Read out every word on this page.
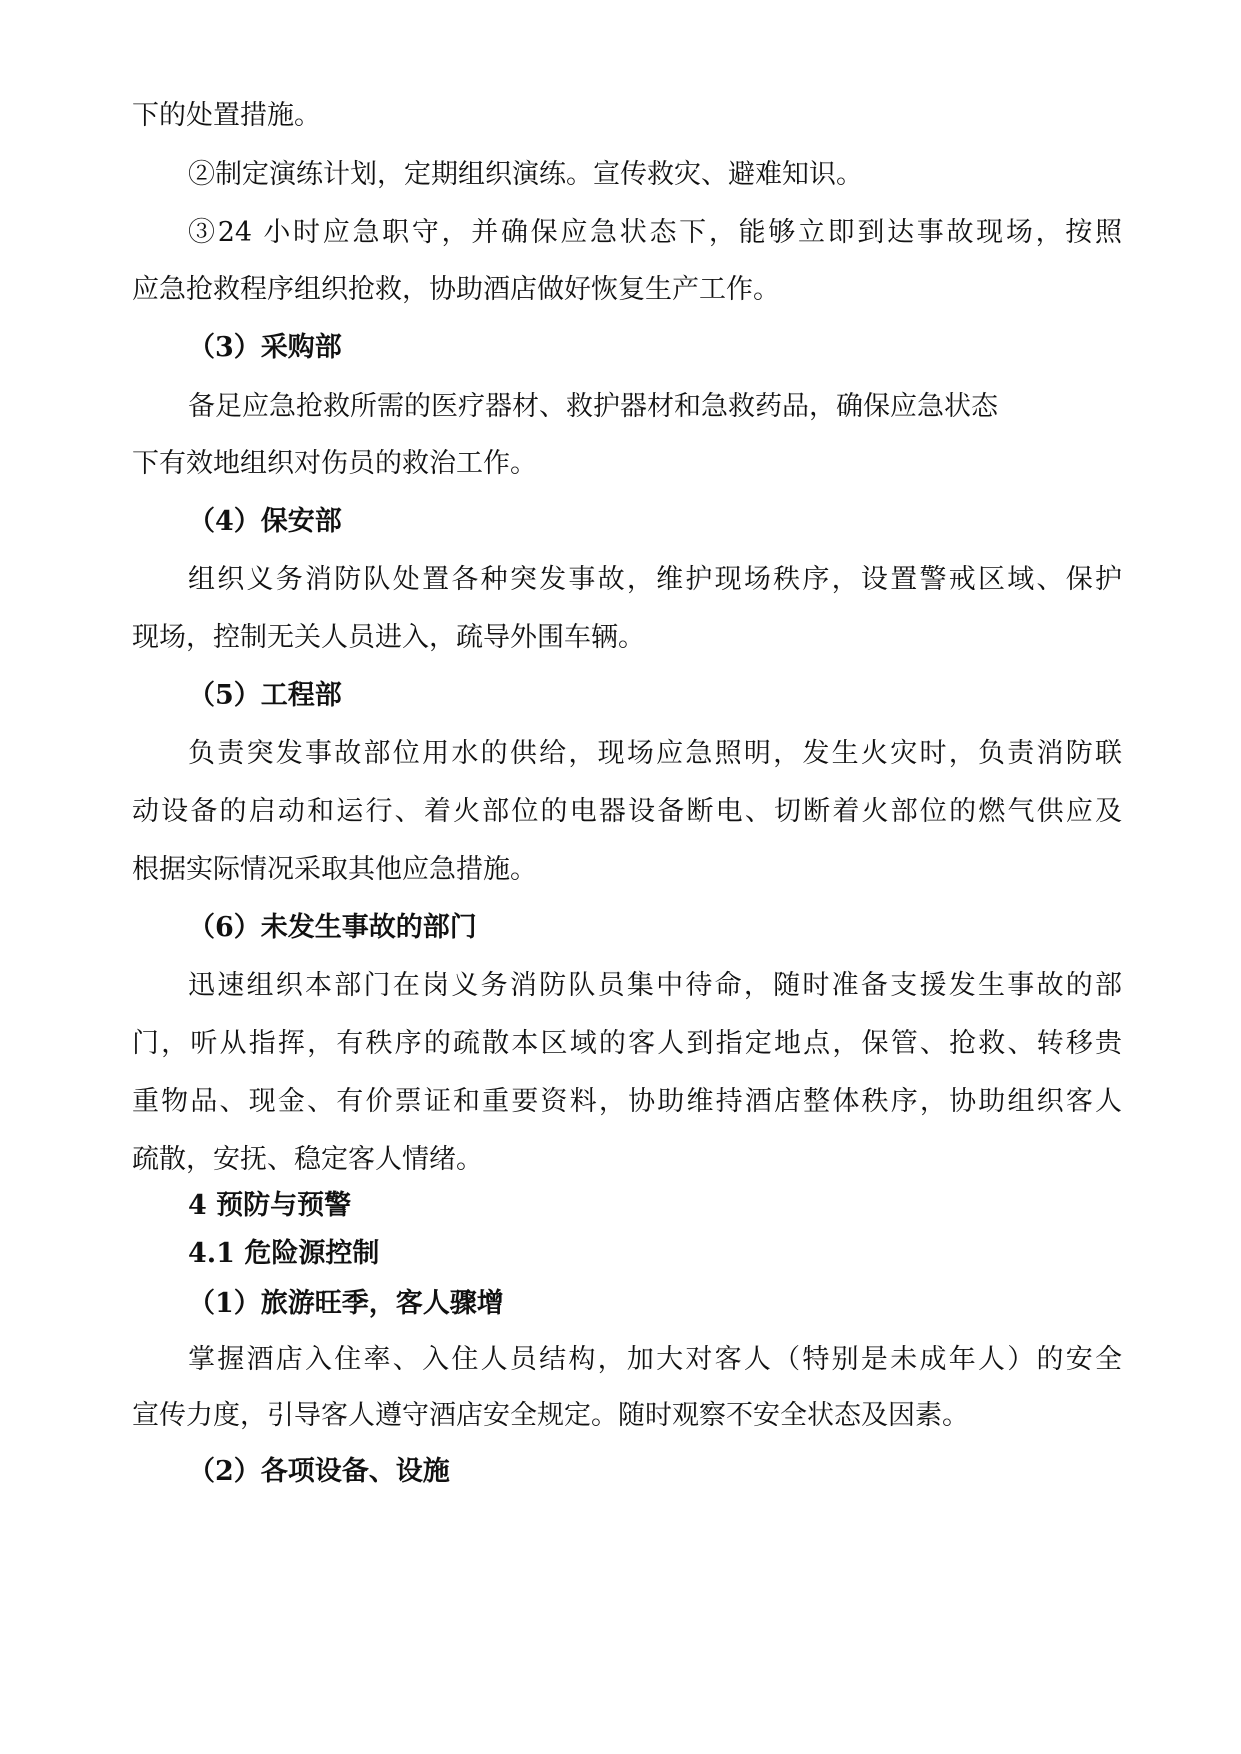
下的处置措施。
②制定演练计划，定期组织演练。宣传救灾、避难知识。
③24 小时应急职守，并确保应急状态下，能够立即到达事故现场，按照
应急抢救程序组织抢救，协助酒店做好恢复生产工作。
（3）采购部
备足应急抢救所需的医疗器材、救护器材和急救药品，确保应急状态
下有效地组织对伤员的救治工作。
（4）保安部
组织义务消防队处置各种突发事故，维护现场秩序，设置警戒区域、保护
现场，控制无关人员进入，疏导外围车辆。
（5）工程部
负责突发事故部位用水的供给，现场应急照明，发生火灾时，负责消防联
动设备的启动和运行、着火部位的电器设备断电、切断着火部位的燃气供应及
根据实际情况采取其他应急措施。
（6）未发生事故的部门
迅速组织本部门在岗义务消防队员集中待命，随时准备支援发生事故的部
门，听从指挥，有秩序的疏散本区域的客人到指定地点，保管、抢救、转移贵
重物品、现金、有价票证和重要资料，协助维持酒店整体秩序，协助组织客人
疏散，安抚、稳定客人情绪。
4 预防与预警
4.1 危险源控制
（1）旅游旺季，客人骤增
掌握酒店入住率、入住人员结构，加大对客人（特别是未成年人）的安全
宣传力度，引导客人遵守酒店安全规定。随时观察不安全状态及因素。
（2）各项设备、设施
